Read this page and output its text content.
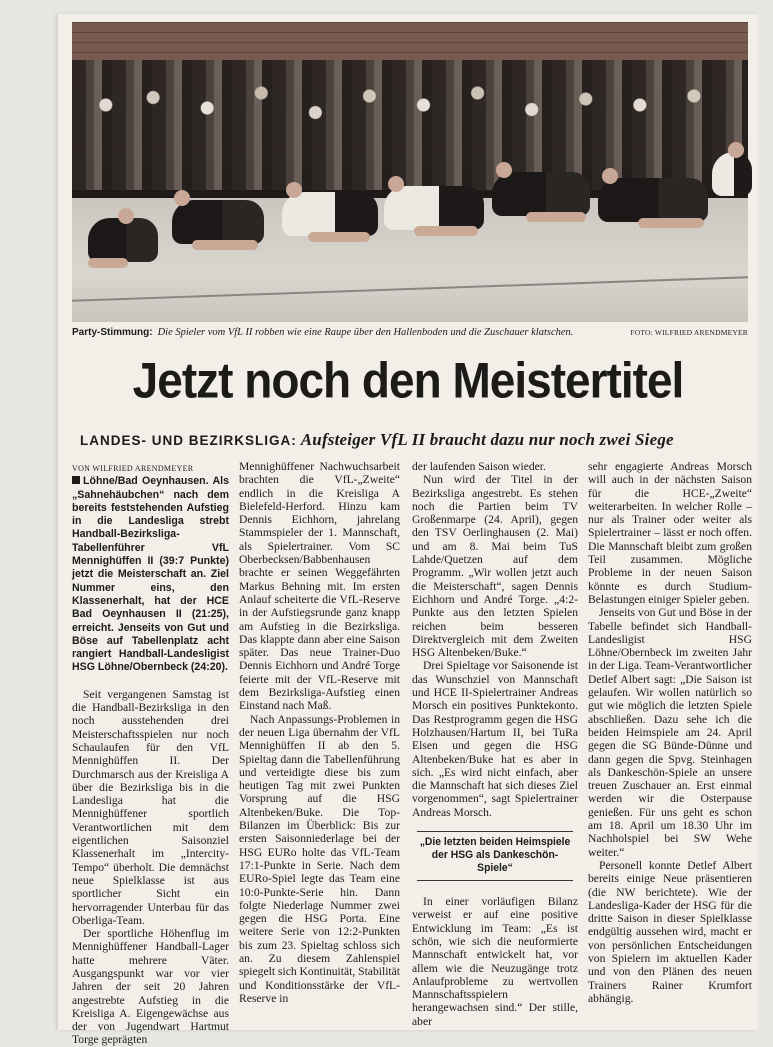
Party-Stimmung: Die Spieler vom VfL II robben wie eine Raupe über den Hallenboden und die Zuschauer klatschen.	FOTO: WILFRIED ARENDMEYER
Jetzt noch den Meistertitel
LANDES- UND BEZIRKSLIGA: Aufsteiger VfL II braucht dazu nur noch zwei Siege

VON WILFRIED ARENDMEYER

Löhne/Bad Oeynhausen. Als „Sahnehäubchen“ nach dem bereits feststehenden Aufstieg in die Landesliga strebt Handball-Bezirksliga-Tabellenführer VfL Mennighüffen II (39:7 Punkte) jetzt die Meisterschaft an. Ziel Nummer eins, den Klassenerhalt, hat der HCE Bad Oeynhausen II (21:25), erreicht. Jenseits von Gut und Böse auf Tabellenplatz acht rangiert Handball-Landesligist HSG Löhne/Obernbeck (24:20).

Seit vergangenen Samstag ist die Handball-Bezirksliga in den noch ausstehenden drei Meisterschaftsspielen nur noch Schaulaufen für den VfL Mennighüffen II. Der Durchmarsch aus der Kreisliga A über die Bezirksliga bis in die Landesliga hat die Mennighüffener sportlich Verantwortlichen mit dem eigentlichen Saisonziel Klassenerhalt im „Intercity-Tempo“ überholt. Die demnächst neue Spielklasse ist aus sportlicher Sicht ein hervorragender Unterbau für das Oberliga-Team.

Der sportliche Höhenflug im Mennighüffener Handball-Lager hatte mehrere Väter. Ausgangspunkt war vor vier Jahren der seit 20 Jahren angestrebte Aufstieg in die Kreisliga A. Eigengewächse aus der von Jugendwart Hartmut Torge geprägten

Mennighüffener Nachwuchsarbeit brachten die VfL-„Zweite“ endlich in die Kreisliga A Bielefeld-Herford. Hinzu kam Dennis Eichhorn, jahrelang Stammspieler der 1. Mannschaft, als Spielertrainer. Vom SC Oberbecksen/Babbenhausen brachte er seinen Weggefährten Markus Behning mit. Im ersten Anlauf scheiterte die VfL-Reserve in der Aufstiegsrunde ganz knapp am Aufstieg in die Bezirksliga. Das klappte dann aber eine Saison später. Das neue Trainer-Duo Dennis Eichhorn und André Torge feierte mit der VfL-Reserve mit dem Bezirksliga-Aufstieg einen Einstand nach Maß.

Nach Anpassungs-Problemen in der neuen Liga übernahm der VfL Mennighüffen II ab den 5. Spieltag dann die Tabellenführung und verteidigte diese bis zum heutigen Tag mit zwei Punkten Vorsprung auf die HSG Altenbeken/Buke. Die Top-Bilanzen im Überblick: Bis zur ersten Saisonniederlage bei der HSG EURo holte das VfL-Team 17:1-Punkte in Serie. Nach dem EURo-Spiel legte das Team eine 10:0-Punkte-Serie hin. Dann folgte Niederlage Nummer zwei gegen die HSG Porta. Eine weitere Serie von 12:2-Punkten bis zum 23. Spieltag schloss sich an. Zu diesem Zahlenspiel spiegelt sich Kontinuität, Stabilität und Konditionsstärke der VfL-Reserve in

der laufenden Saison wieder.

Nun wird der Titel in der Bezirksliga angestrebt. Es stehen noch die Partien beim TV Großenmarpe (24. April), gegen den TSV Oerlinghausen (2. Mai) und am 8. Mai beim TuS Lahde/Quetzen auf dem Programm. „Wir wollen jetzt auch die Meisterschaft“, sagen Dennis Eichhorn und André Torge. „4:2-Punkte aus den letzten Spielen reichen beim besseren Direktvergleich mit dem Zweiten HSG Altenbeken/Buke.“

Drei Spieltage vor Saisonende ist das Wunschziel von Mannschaft und HCE II-Spielertrainer Andreas Morsch ein positives Punktekonto. Das Restprogramm gegen die HSG Holzhausen/Hartum II, bei TuRa Elsen und gegen die HSG Altenbeken/Buke hat es aber in sich. „Es wird nicht einfach, aber die Mannschaft hat sich dieses Ziel vorgenommen“, sagt Spielertrainer Andreas Morsch.

„Die letzten beiden Heimspiele der HSG als Dankeschön-Spiele“

In einer vorläufigen Bilanz verweist er auf eine positive Entwicklung im Team: „Es ist schön, wie sich die neuformierte Mannschaft entwickelt hat, vor allem wie die Neuzugänge trotz Anlaufprobleme zu wertvollen Mannschaftsspielern herangewachsen sind.“ Der stille, aber

sehr engagierte Andreas Morsch will auch in der nächsten Saison für die HCE-„Zweite“ weiterarbeiten. In welcher Rolle – nur als Trainer oder weiter als Spielertrainer – lässt er noch offen. Die Mannschaft bleibt zum großen Teil zusammen. Mögliche Probleme in der neuen Saison könnte es durch Studium-Belastungen einiger Spieler geben.

Jenseits von Gut und Böse in der Tabelle befindet sich Handball-Landesligist HSG Löhne/Obernbeck im zweiten Jahr in der Liga. Team-Verantwortlicher Detlef Albert sagt: „Die Saison ist gelaufen. Wir wollen natürlich so gut wie möglich die letzten Spiele abschließen. Dazu sehe ich die beiden Heimspiele am 24. April gegen die SG Bünde-Dünne und dann gegen die Spvg. Steinhagen als Dankeschön-Spiele an unsere treuen Zuschauer an. Erst einmal werden wir die Osterpause genießen. Für uns geht es schon am 18. April um 18.30 Uhr im Nachholspiel bei SW Wehe weiter.“

Personell konnte Detlef Albert bereits einige Neue präsentieren (die NW berichtete). Wie der Landesliga-Kader der HSG für die dritte Saison in dieser Spielklasse endgültig aussehen wird, macht er von persönlichen Entscheidungen von Spielern im aktuellen Kader und von den Plänen des neuen Trainers Rainer Krumfort abhängig.
